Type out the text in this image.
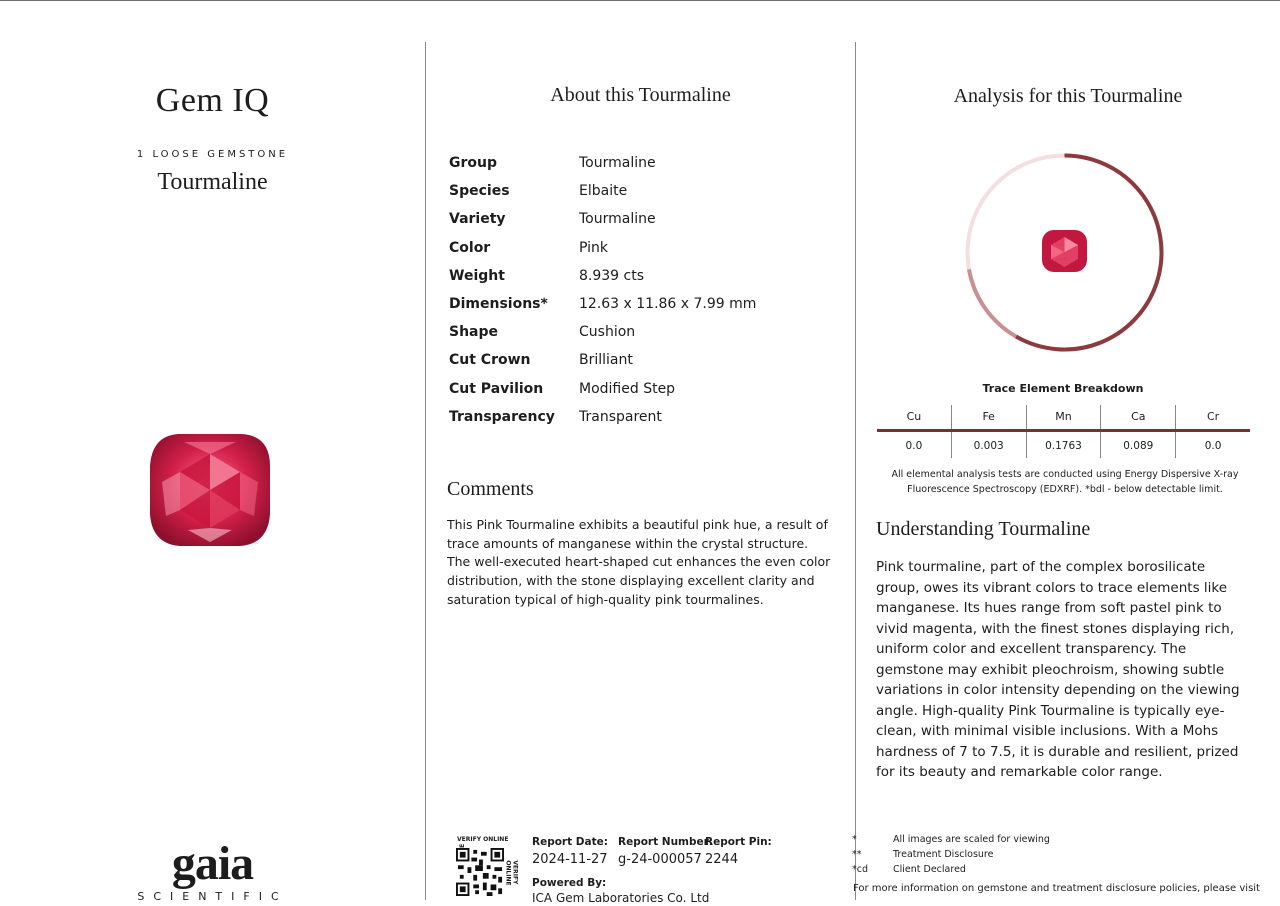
Gem IQ
1 LOOSE GEMSTONE
Tourmaline
gaia
SCIENTIFIC
About this Tourmaline
Group	Tourmaline
Species	Elbaite
Variety	Tourmaline
Color	Pink
Weight	8.939 cts
Dimensions*	12.63 x 11.86 x 7.99 mm
Shape	Cushion
Cut Crown	Brilliant
Cut Pavilion	Modified Step
Transparency	Transparent
Comments
This Pink Tourmaline exhibits a beautiful pink hue, a result of trace amounts of manganese within the crystal structure. The well-executed heart-shaped cut enhances the even color distribution, with the stone displaying excellent clarity and saturation typical of high-quality pink tourmalines.
VERIFY ONLINE
VERIFY ONLINE
Report Date:
2024-11-27
Report Number:
g-24-000057
Report Pin:
2244
Powered By:
ICA Gem Laboratories Co. Ltd
Analysis for this Tourmaline
Trace Element Breakdown
Cu	Fe	Mn	Ca	Cr
0.0	0.003	0.1763	0.089	0.0
All elemental analysis tests are conducted using Energy Dispersive X-ray Fluorescence Spectroscopy (EDXRF). *bdl - below detectable limit.
Understanding Tourmaline
Pink tourmaline, part of the complex borosilicate group, owes its vibrant colors to trace elements like manganese. Its hues range from soft pastel pink to vivid magenta, with the finest stones displaying rich, uniform color and excellent transparency. The gemstone may exhibit pleochroism, showing subtle variations in color intensity depending on the viewing angle. High-quality Pink Tourmaline is typically eye-clean, with minimal visible inclusions. With a Mohs hardness of 7 to 7.5, it is durable and resilient, prized for its beauty and remarkable color range.
*	All images are scaled for viewing
**	Treatment Disclosure
*cd	Client Declared
For more information on gemstone and treatment disclosure policies, please visit
